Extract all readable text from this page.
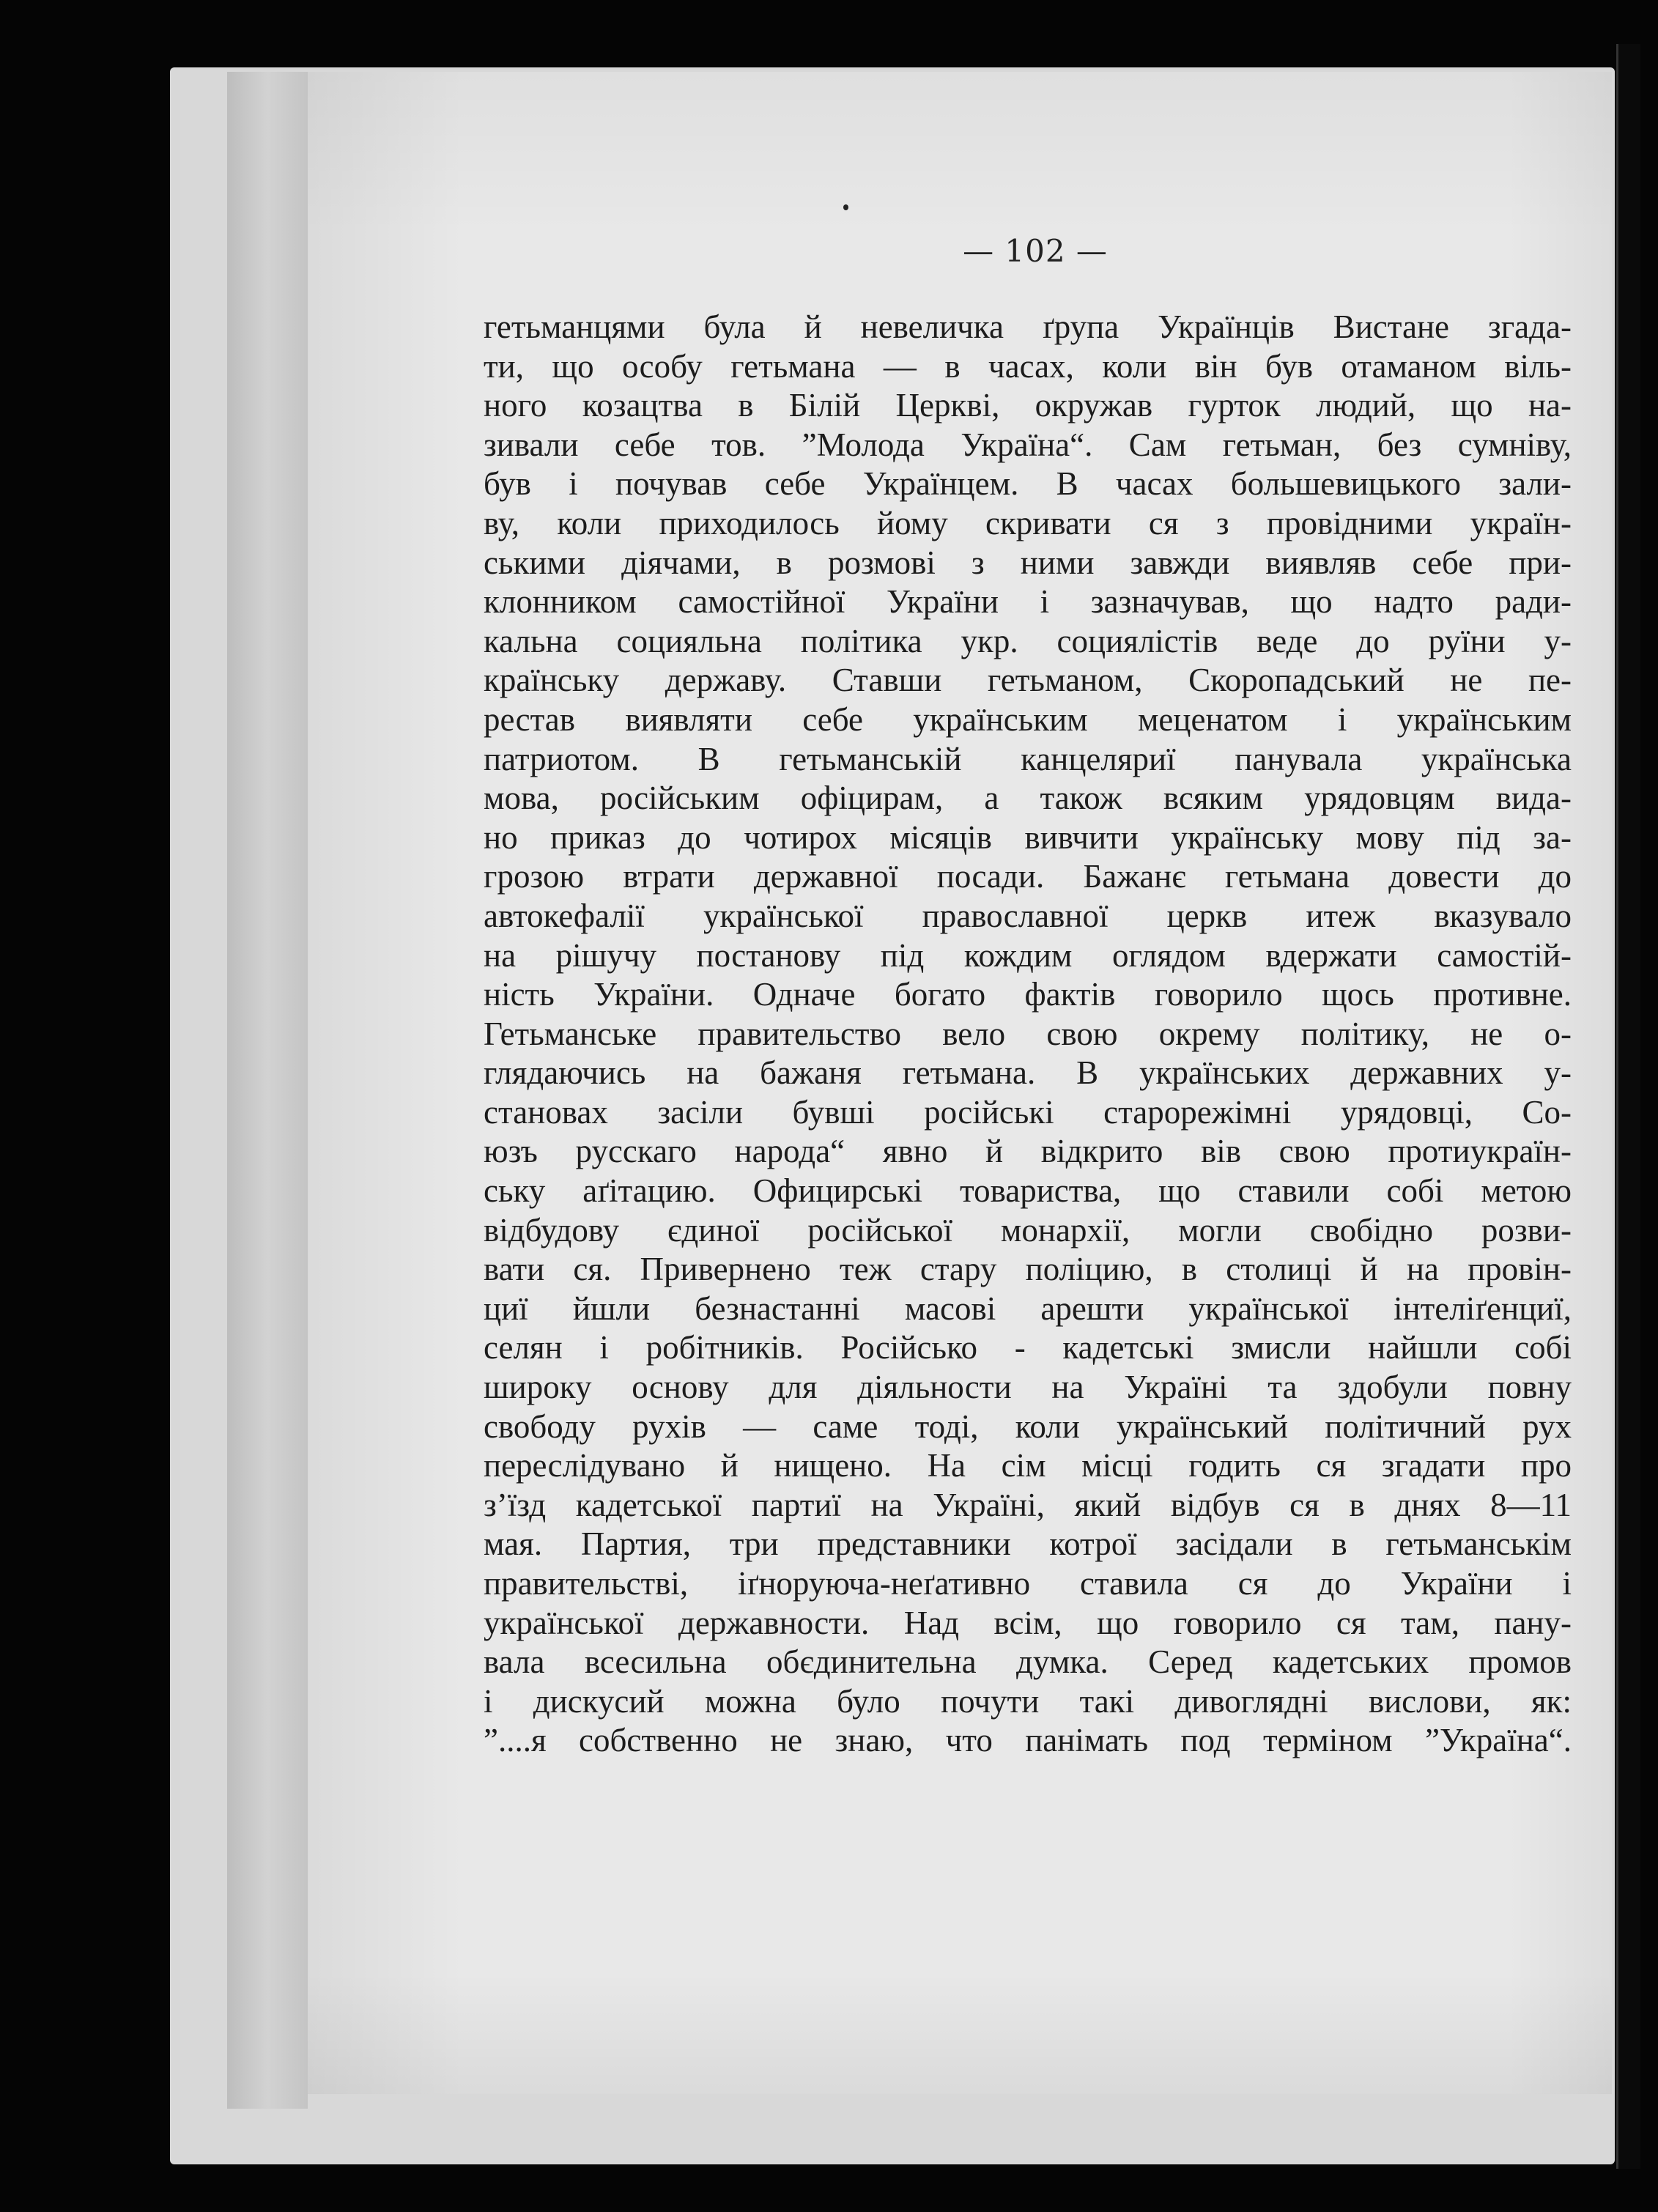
— 102 —
гетьманцями була й невеличка ґрупа Українців Вистане згада-
ти, що особу гетьмана — в часах, коли він був отаманом віль-
ного козацтва в Білій Церкві, окружав гурток людий, що на-
зивали себе тов. ”Молода Україна“. Сам гетьман, без сумніву,
був і почував себе Українцем. В часах большевицького зали-
ву, коли приходилось йому скривати ся з провідними україн-
ськими діячами, в розмові з ними завжди виявляв себе при-
клонником самостійної України і зазначував, що надто ради-
кальна социяльна політика укр. социялістів веде до руїни у-
країнську державу. Ставши гетьманом, Скоропадський не пе-
рестав виявляти себе українським меценатом і українським
патриотом. В гетьманській канцеляриї панувала українська
мова, російським офіцирам, а також всяким урядовцям вида-
но приказ до чотирох місяців вивчити українську мову під за-
грозою втрати державної посади. Бажанє гетьмана довести до
автокефалії української православної церкв итеж вказувало
на рішучу постанову під кождим оглядом вдержати самостій-
ність України. Одначе богато фактів говорило щось противне.
Гетьманське правительство вело свою окрему політику, не о-
глядаючись на бажаня гетьмана. В українських державних у-
становах засіли бувші російські старорежімні урядовці, Со-
юзъ русскаго народа“ явно й відкрито вів свою протиукраїн-
ську аґітацию. Официрські товариства, що ставили собі метою
відбудову єдиної російської монархії, могли свобідно розви-
вати ся. Привернено теж стару поліцию, в столиці й на провін-
циї йшли безнастанні масові арешти української інтеліґенциї,
селян і робітників. Російсько - кадетські змисли найшли собі
широку основу для діяльности на Україні та здобули повну
свободу рухів — саме тоді, коли український політичний рух
переслідувано й нищено. На сім місці годить ся згадати про
з’їзд кадетської партиї на Україні, який відбув ся в днях 8—11
мая. Партия, три представники котрої засідали в гетьманськім
правительстві, іґноруюча-неґативно ставила ся до України і
української державности. Над всім, що говорило ся там, пану-
вала всесильна обєдинительна думка. Серед кадетських промов
і дискусий можна було почути такі дивоглядні вислови, як:
”....я собственно не знаю, что панімать под терміном ”Україна“.
